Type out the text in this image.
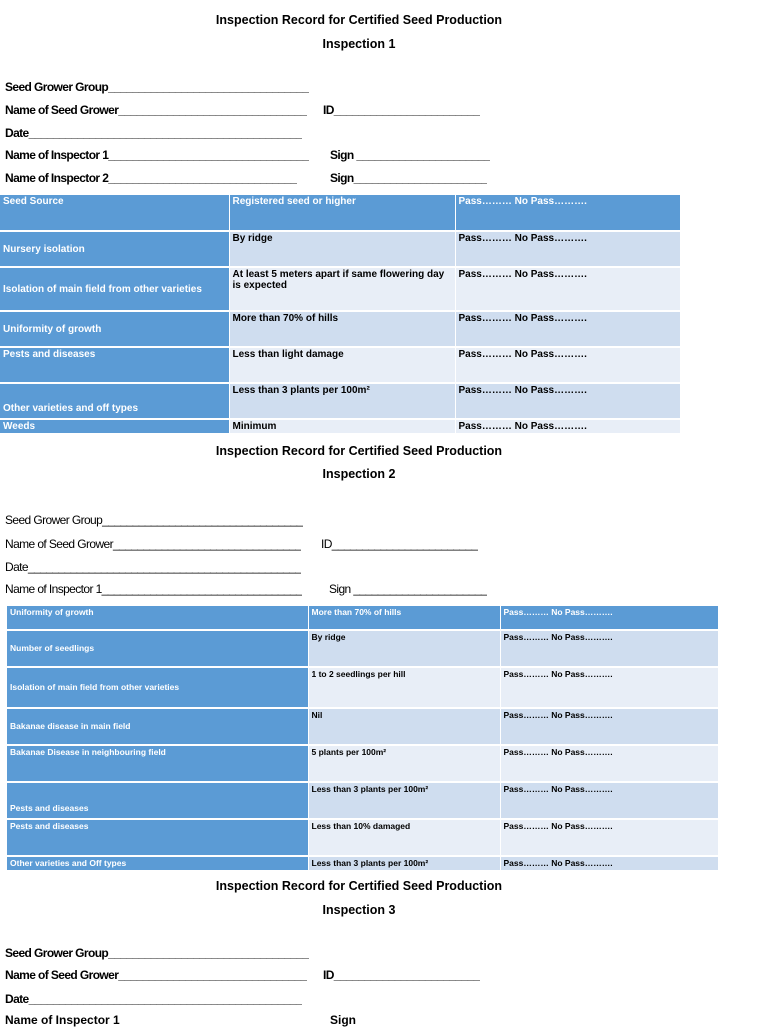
Inspection Record for Certified Seed Production

Inspection 1

Seed Grower Group_________________________________

Name of Seed Grower_______________________________ ID________________________

Date_____________________________________________

Name of Inspector 1_________________________________ Sign ______________________

Name of Inspector 2_______________________________	Sign______________________

Seed Source	Registered seed or higher	Pass……… No Pass……….
Nursery isolation	By ridge	Pass……… No Pass……….
Isolation of main field from other varieties	At least 5 meters apart if same flowering day is expected	Pass……… No Pass……….
Uniformity of growth	More than 70% of hills	Pass……… No Pass……….
Pests and diseases	Less than light damage	Pass……… No Pass……….
Other varieties and off types	Less than 3 plants per 100m²	Pass……… No Pass……….
Weeds	Minimum	Pass……… No Pass……….

Inspection Record for Certified Seed Production

Inspection 2

Seed Grower Group_________________________________

Name of Seed Grower_______________________________ ID________________________

Date_____________________________________________

Name of Inspector 1_________________________________ Sign ______________________

Uniformity of growth	More than 70% of hills	Pass……… No Pass……….
Number of seedlings	By ridge	Pass……… No Pass……….
Isolation of main field from other varieties	1 to 2 seedlings per hill	Pass……… No Pass……….
Bakanae disease in main field	Nil	Pass……… No Pass……….
Bakanae Disease in neighbouring field	5 plants per 100m²	Pass……… No Pass……….
Pests and diseases	Less than 3 plants per 100m²	Pass……… No Pass……….
Pests and diseases	Less than 10% damaged	Pass……… No Pass……….
Other varieties and Off types	Less than 3 plants per 100m²	Pass……… No Pass……….

Inspection Record for Certified Seed Production

Inspection 3

Seed Grower Group_________________________________

Name of Seed Grower_______________________________ ID________________________

Date_____________________________________________

Name of Inspector 1	Sign
